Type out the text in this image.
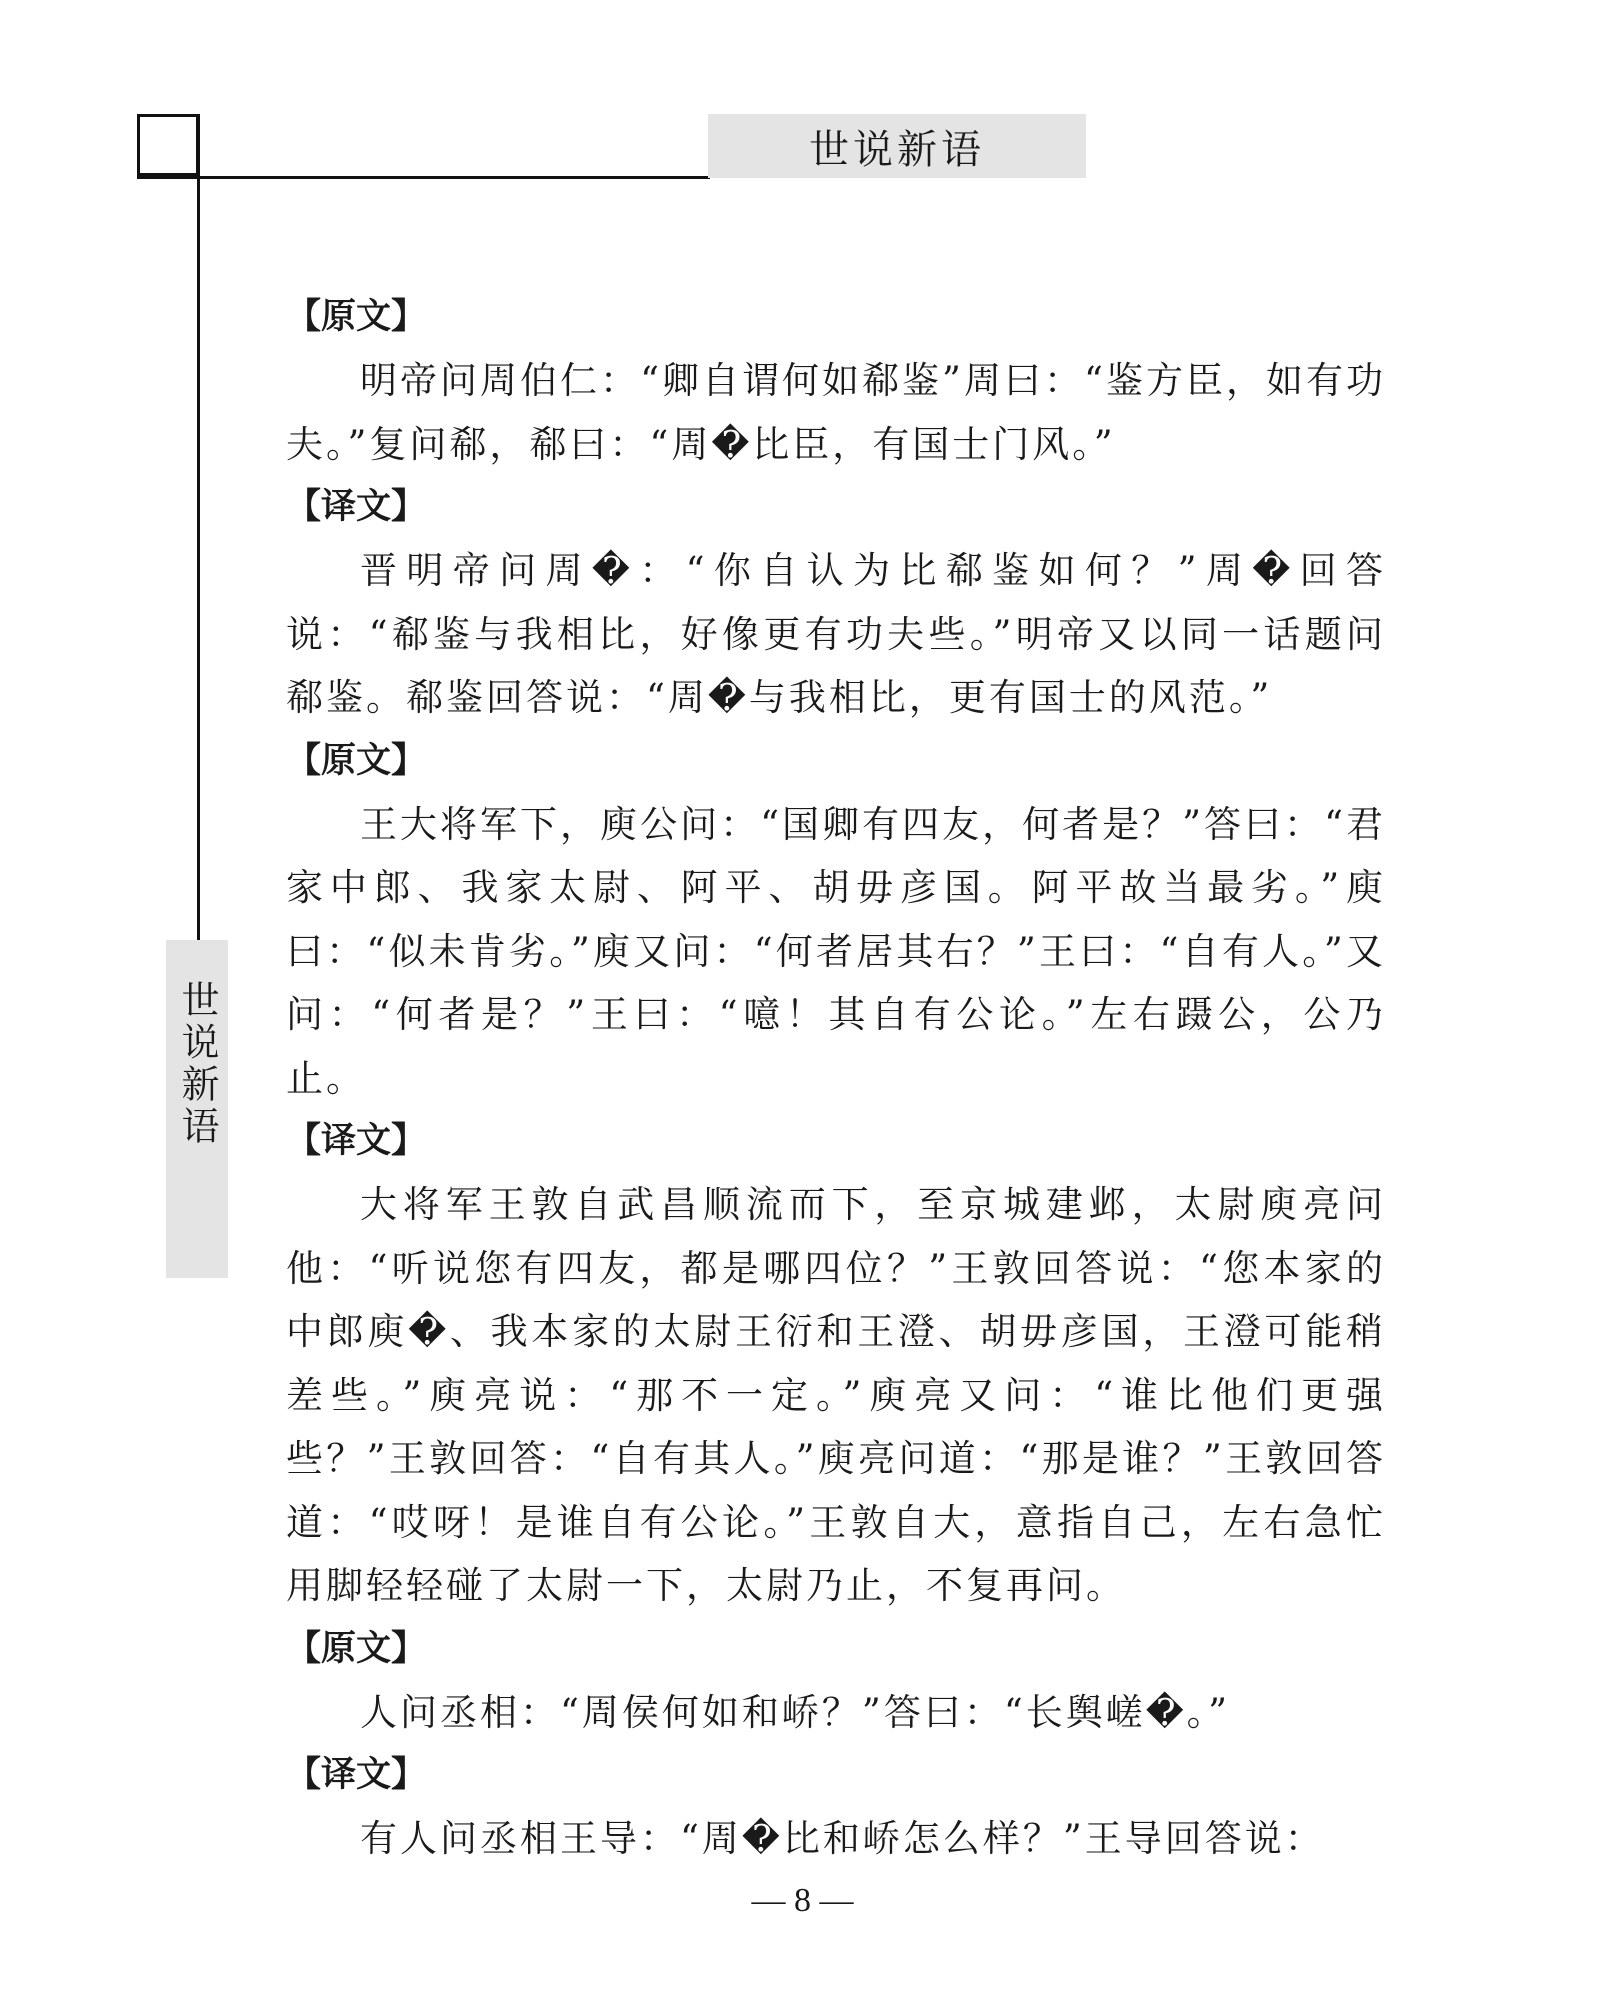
世说新语
世说新语

【原文】

明帝问周伯仁：“卿自谓何如郗鉴”周曰：“鉴方臣，如有功夫。”复问郗，郗曰：“周�比臣，有国士门风。”

【译文】

晋明帝问周�：“你自认为比郗鉴如何？”周�回答说：“郗鉴与我相比，好像更有功夫些。”明帝又以同一话题问郗鉴。郗鉴回答说：“周�与我相比，更有国士的风范。”

【原文】

王大将军下，庾公问：“国卿有四友，何者是？”答曰：“君家中郎、我家太尉、阿平、胡毋彦国。阿平故当最劣。”庾曰：“似未肯劣。”庾又问：“何者居其右？”王曰：“自有人。”又问：“何者是？”王曰：“噫！其自有公论。”左右蹑公，公乃止。

【译文】

大将军王敦自武昌顺流而下，至京城建邺，太尉庾亮问他：“听说您有四友，都是哪四位？”王敦回答说：“您本家的中郎庾�、我本家的太尉王衍和王澄、胡毋彦国，王澄可能稍差些。”庾亮说：“那不一定。”庾亮又问：“谁比他们更强些？”王敦回答：“自有其人。”庾亮问道：“那是谁？”王敦回答道：“哎呀！是谁自有公论。”王敦自大，意指自己，左右急忙用脚轻轻碰了太尉一下，太尉乃止，不复再问。

【原文】

人问丞相：“周侯何如和峤？”答曰：“长舆嵯�。”

【译文】

有人问丞相王导：“周�比和峤怎么样？”王导回答说：

— 8 —
